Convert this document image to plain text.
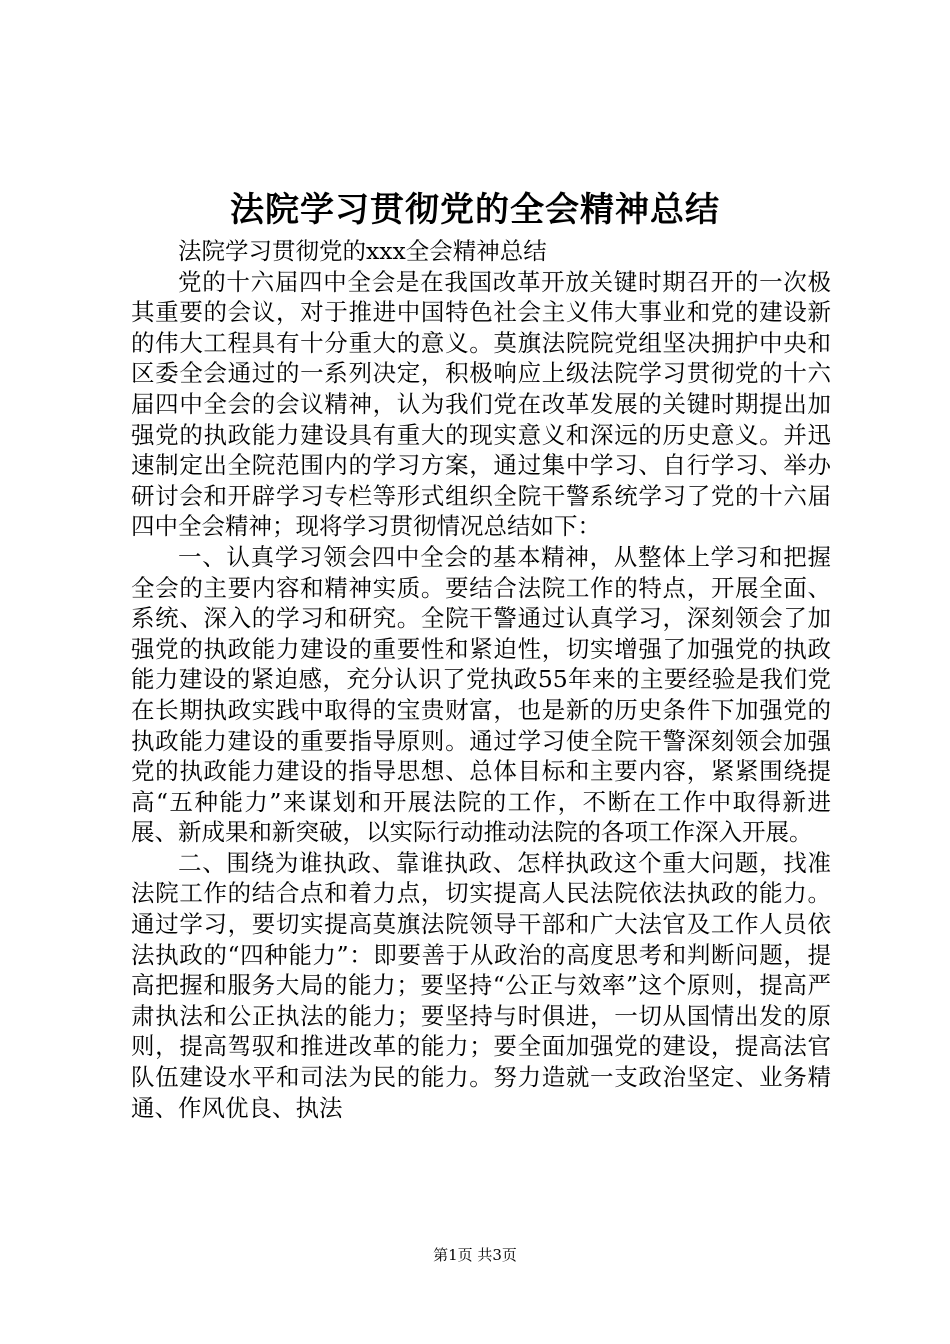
法院学习贯彻党的全会精神总结

法院学习贯彻党的xxx全会精神总结

党的十六届四中全会是在我国改革开放关键时期召开的一次极其重要的会议，对于推进中国特色社会主义伟大事业和党的建设新的伟大工程具有十分重大的意义。莫旗法院院党组坚决拥护中央和区委全会通过的一系列决定，积极响应上级法院学习贯彻党的十六届四中全会的会议精神，认为我们党在改革发展的关键时期提出加强党的执政能力建设具有重大的现实意义和深远的历史意义。并迅速制定出全院范围内的学习方案，通过集中学习、自行学习、举办研讨会和开辟学习专栏等形式组织全院干警系统学习了党的十六届四中全会精神；现将学习贯彻情况总结如下：

一、认真学习领会四中全会的基本精神，从整体上学习和把握全会的主要内容和精神实质。要结合法院工作的特点，开展全面、系统、深入的学习和研究。全院干警通过认真学习，深刻领会了加强党的执政能力建设的重要性和紧迫性，切实增强了加强党的执政能力建设的紧迫感，充分认识了党执政55年来的主要经验是我们党在长期执政实践中取得的宝贵财富，也是新的历史条件下加强党的执政能力建设的重要指导原则。通过学习使全院干警深刻领会加强党的执政能力建设的指导思想、总体目标和主要内容，紧紧围绕提高“五种能力”来谋划和开展法院的工作，不断在工作中取得新进展、新成果和新突破，以实际行动推动法院的各项工作深入开展。

二、围绕为谁执政、靠谁执政、怎样执政这个重大问题，找准法院工作的结合点和着力点，切实提高人民法院依法执政的能力。通过学习，要切实提高莫旗法院领导干部和广大法官及工作人员依法执政的“四种能力”：即要善于从政治的高度思考和判断问题，提高把握和服务大局的能力；要坚持“公正与效率”这个原则，提高严肃执法和公正执法的能力；要坚持与时俱进，一切从国情出发的原则，提高驾驭和推进改革的能力；要全面加强党的建设，提高法官队伍建设水平和司法为民的能力。努力造就一支政治坚定、业务精通、作风优良、执法

第1页 共3页
